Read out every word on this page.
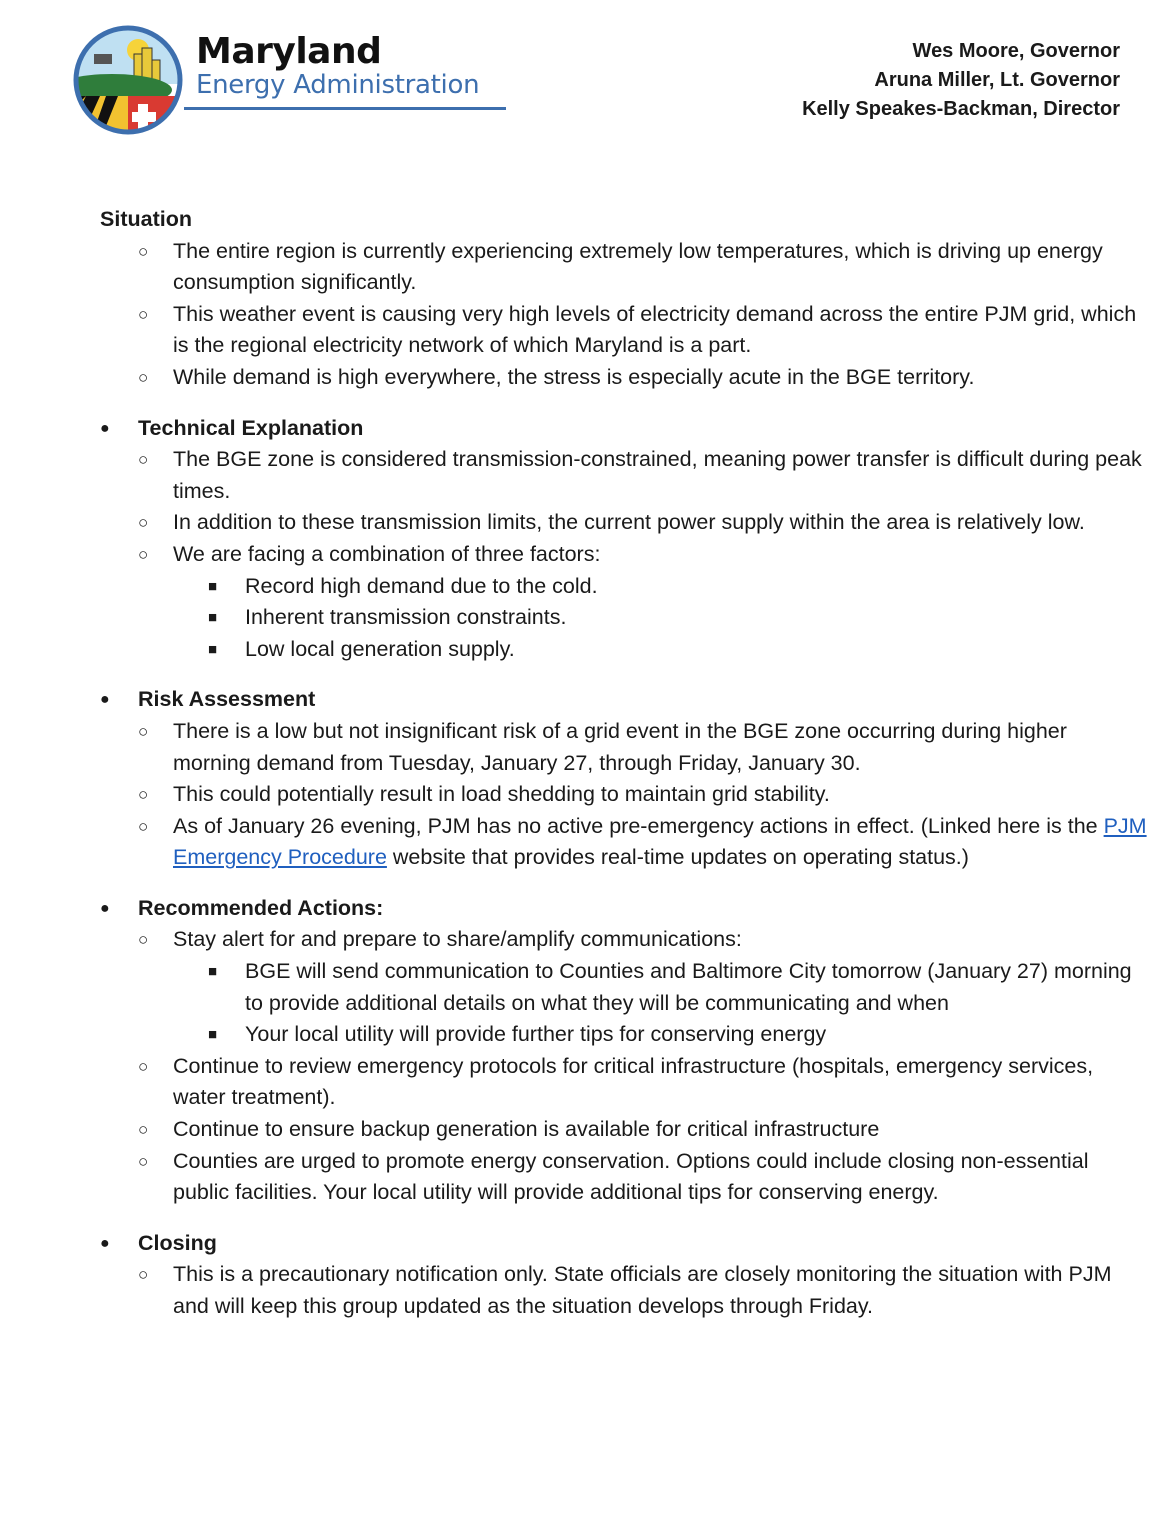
Maryland
Energy Administration
Wes Moore, Governor
Aruna Miller, Lt. Governor
Kelly Speakes-Backman, Director
Situation
○ The entire region is currently experiencing extremely low temperatures, which is driving up energy consumption significantly.
○ This weather event is causing very high levels of electricity demand across the entire PJM grid, which is the regional electricity network of which Maryland is a part.
○ While demand is high everywhere, the stress is especially acute in the BGE territory.
● Technical Explanation
○ The BGE zone is considered transmission-constrained, meaning power transfer is difficult during peak times.
○ In addition to these transmission limits, the current power supply within the area is relatively low.
○ We are facing a combination of three factors:
■ Record high demand due to the cold.
■ Inherent transmission constraints.
■ Low local generation supply.
● Risk Assessment
○ There is a low but not insignificant risk of a grid event in the BGE zone occurring during higher morning demand from Tuesday, January 27, through Friday, January 30.
○ This could potentially result in load shedding to maintain grid stability.
○ As of January 26 evening, PJM has no active pre-emergency actions in effect. (Linked here is the PJM Emergency Procedure website that provides real-time updates on operating status.)
● Recommended Actions:
○ Stay alert for and prepare to share/amplify communications:
■ BGE will send communication to Counties and Baltimore City tomorrow (January 27) morning to provide additional details on what they will be communicating and when
■ Your local utility will provide further tips for conserving energy
○ Continue to review emergency protocols for critical infrastructure (hospitals, emergency services, water treatment).
○ Continue to ensure backup generation is available for critical infrastructure
○ Counties are urged to promote energy conservation. Options could include closing non-essential public facilities. Your local utility will provide additional tips for conserving energy.
● Closing
○ This is a precautionary notification only. State officials are closely monitoring the situation with PJM and will keep this group updated as the situation develops through Friday.
